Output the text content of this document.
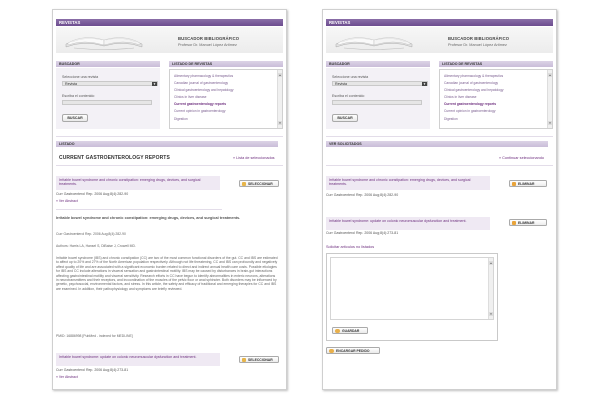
REVISTAS
BUSCADOR BIBLIOGRÁFICO
Profesor Dr. Manuel López Artimez
BUSCADOR
Seleccione una revista
Revista	▼
Escriba el contenido
BUSCAR
LISTADO DE REVISTAS
Alimentary pharmacology & therapeutics
Canadian journal of gastroenterology
Clinical gastroenterology and hepatology
Clinics in liver disease
Current gastroenterology reports
Current opinion in gastroenterology
Digestion
▲
▼
LISTADO
CURRENT GASTROENTEROLOGY REPORTS	» Lista de seleccionados
Irritable bowel syndrome and chronic constipation: emerging drugs, devices, and surgical treatments.	SELECCIONAR
Curr Gastroenterol Rep. 2006 Aug;8(4):282-90
» Ver Abstract
Irritable bowel syndrome and chronic constipation: emerging drugs, devices, and surgical treatments.
Curr Gastroenterol Rep. 2006 Aug;8(4):282-90
Authors: Harris LA, Hansel S, DiBaise J, Crowell MD.
Irritable bowel syndrome (IBS) and chronic constipation (CC) are two of the most common functional disorders of the gut. CC and IBS are estimated to affect up to 20% and 27% of the North American population respectively. Although not life threatening, CC and IBS can profoundly and negatively affect quality of life and are associated with a significant economic burden related to direct and indirect annual health care costs. Possible etiologies for IBS and CC include alterations in visceral sensation and gastrointestinal motility. IBS may be caused by disturbances in brain-gut interactions affecting gastrointestinal motility and visceral sensitivity. Research efforts in CC have begun to identify abnormalities in enteric neurons, alterations in neurotransmitters and their receptors, and incoordination of the muscles of the pelvic floor or anal sphincter. Both disorders may be influenced by genetic, psychosocial, environmental factors, and stress. In this article, the safety and efficacy of traditional and emerging therapies for CC and IBS are examined. In addition, their pathophysiology and symptoms are briefly reviewed.
PMID: 16886998 [PubMed - indexed for MEDLINE]
Irritable bowel syndrome: update on colonic neuromuscular dysfunction and treatment.
SELECCIONAR
Curr Gastroenterol Rep. 2006 Aug;8(4):273-81
» Ver Abstract
REVISTAS
BUSCADOR BIBLIOGRÁFICO
Profesor Dr. Manuel López Artimez
BUSCADOR
Seleccione una revista
Revista	▼
Escriba el contenido
BUSCAR
LISTADO DE REVISTAS
Alimentary pharmacology & therapeutics
Canadian journal of gastroenterology
Clinical gastroenterology and hepatology
Clinics in liver disease
Current gastroenterology reports
Current opinion in gastroenterology
Digestion
▲
▼
VER SOLICITADOS
» Continuar seleccionando
Irritable bowel syndrome and chronic constipation: emerging drugs, devices, and surgical treatments.	ELIMINAR
Curr Gastroenterol Rep. 2006 Aug;8(4):282-90
Irritable bowel syndrome: update on colonic neuromuscular dysfunction and treatment.	ELIMINAR
Curr Gastroenterol Rep. 2006 Aug;8(4):273-81
Solicitar artículos no listados
▲
▼
GUARDAR
ENCARGAR PEDIDO
